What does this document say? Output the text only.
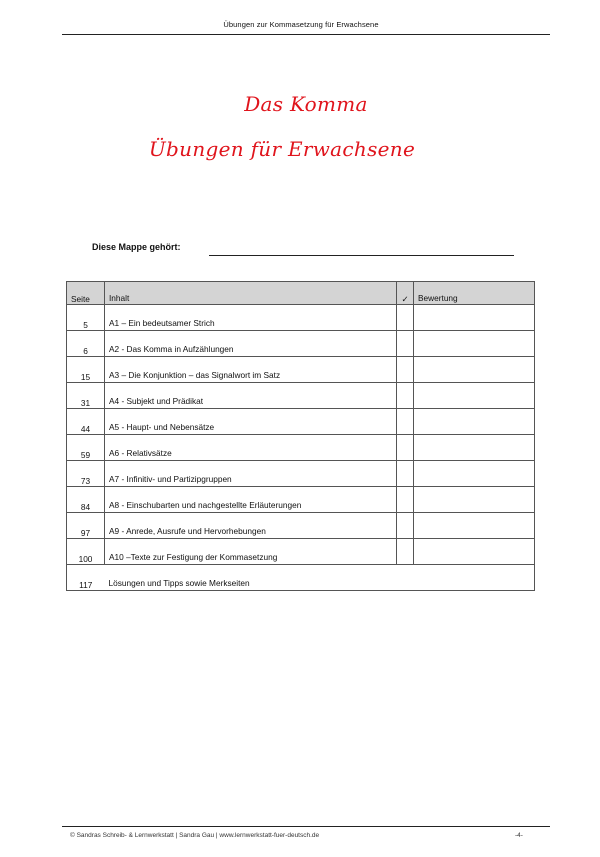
Übungen zur Kommasetzung für Erwachsene
Das Komma
Übungen für Erwachsene
Diese Mappe gehört:
Seite	Inhalt	✓	Bewertung
5	A1 – Ein bedeutsamer Strich		
6	A2 - Das Komma in Aufzählungen		
15	A3 – Die Konjunktion – das Signalwort im Satz		
31	A4 - Subjekt und Prädikat		
44	A5 - Haupt- und Nebensätze		
59	A6 - Relativsätze		
73	A7 - Infinitiv- und Partizipgruppen		
84	A8 - Einschubarten und nachgestellte Erläuterungen		
97	A9 - Anrede, Ausrufe und Hervorhebungen		
100	A10 –Texte zur Festigung der Kommasetzung		
117	Lösungen und Tipps sowie Merkseiten		
© Sandras Schreib- & Lernwerkstatt | Sandra Gau | www.lernwerkstatt-fuer-deutsch.de	-4-
